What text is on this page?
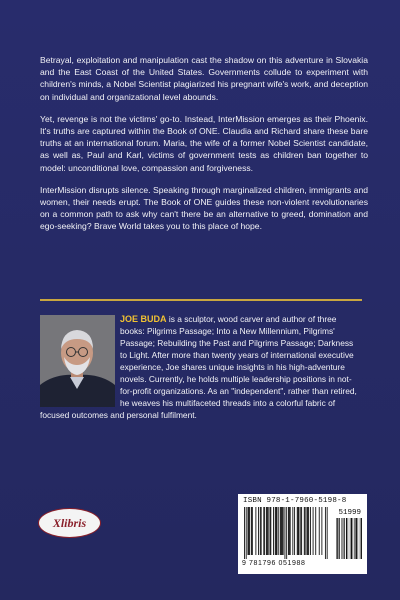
Betrayal, exploitation and manipulation cast the shadow on this adventure in Slovakia and the East Coast of the United States. Governments collude to experiment with children's minds, a Nobel Scientist plagiarized his pregnant wife's work, and deception on individual and organizational level abounds.

Yet, revenge is not the victims' go-to. Instead, InterMission emerges as their Phoenix. It's truths are captured within the Book of ONE. Claudia and Richard share these bare truths at an international forum. Maria, the wife of a former Nobel Scientist candidate, as well as, Paul and Karl, victims of government tests as children ban together to model: unconditional love, compassion and forgiveness.

InterMission disrupts silence. Speaking through marginalized children, immigrants and women, their needs erupt. The Book of ONE guides these non-violent revolutionaries on a common path to ask why can't there be an alternative to greed, domination and ego-seeking? Brave World takes you to this place of hope.

JOE BUDA is a sculptor, wood carver and author of three books: Pilgrims Passage; Into a New Millennium, Pilgrims' Passage; Rebuilding the Past and Pilgrims Passage; Darkness to Light. After more than twenty years of international executive experience, Joe shares unique insights in his high-adventure novels. Currently, he holds multiple leadership positions in not-for-profit organizations. As an "independent", rather than retired, he weaves his multifaceted threads into a colorful fabric of focused outcomes and personal fulfilment.
Xlibris
ISBN 978-1-7960-5198-8
51999
9 781796 051988
